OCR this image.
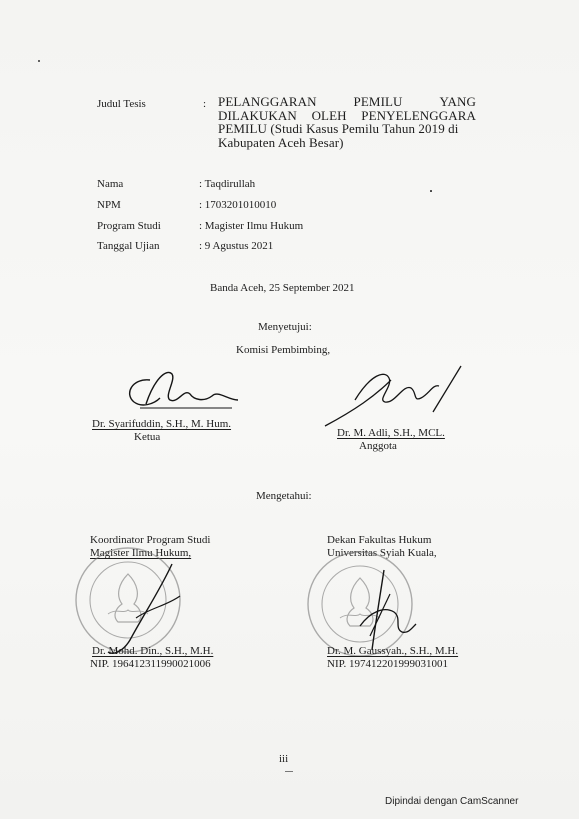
Judul Tesis	: PELANGGARAN	PEMILU	YANG
DILAKUKAN OLEH PENYELENGGARA
PEMILU (Studi Kasus Pemilu Tahun 2019 di
Kabupaten Aceh Besar)
Nama	: Taqdirullah
NPM	: 1703201010010
Program Studi	: Magister Ilmu Hukum
Tanggal Ujian	: 9 Agustus 2021
Banda Aceh, 25 September 2021
Menyetujui:
Komisi Pembimbing,
Dr. Syarifuddin, S.H., M. Hum.
Ketua	Dr. M. Adli, S.H., MCL.
Anggota
Mengetahui:
Koordinator Program Studi
Magister Ilmu Hukum,
Dr. Mohd. Din., S.H., M.H.
NIP. 196412311990021006
Dekan Fakultas Hukum
Universitas Syiah Kuala,
Dr. M. Gaussyah., S.H., M.H.
NIP. 197412201999031001
iii
Dipindai dengan CamScanner
